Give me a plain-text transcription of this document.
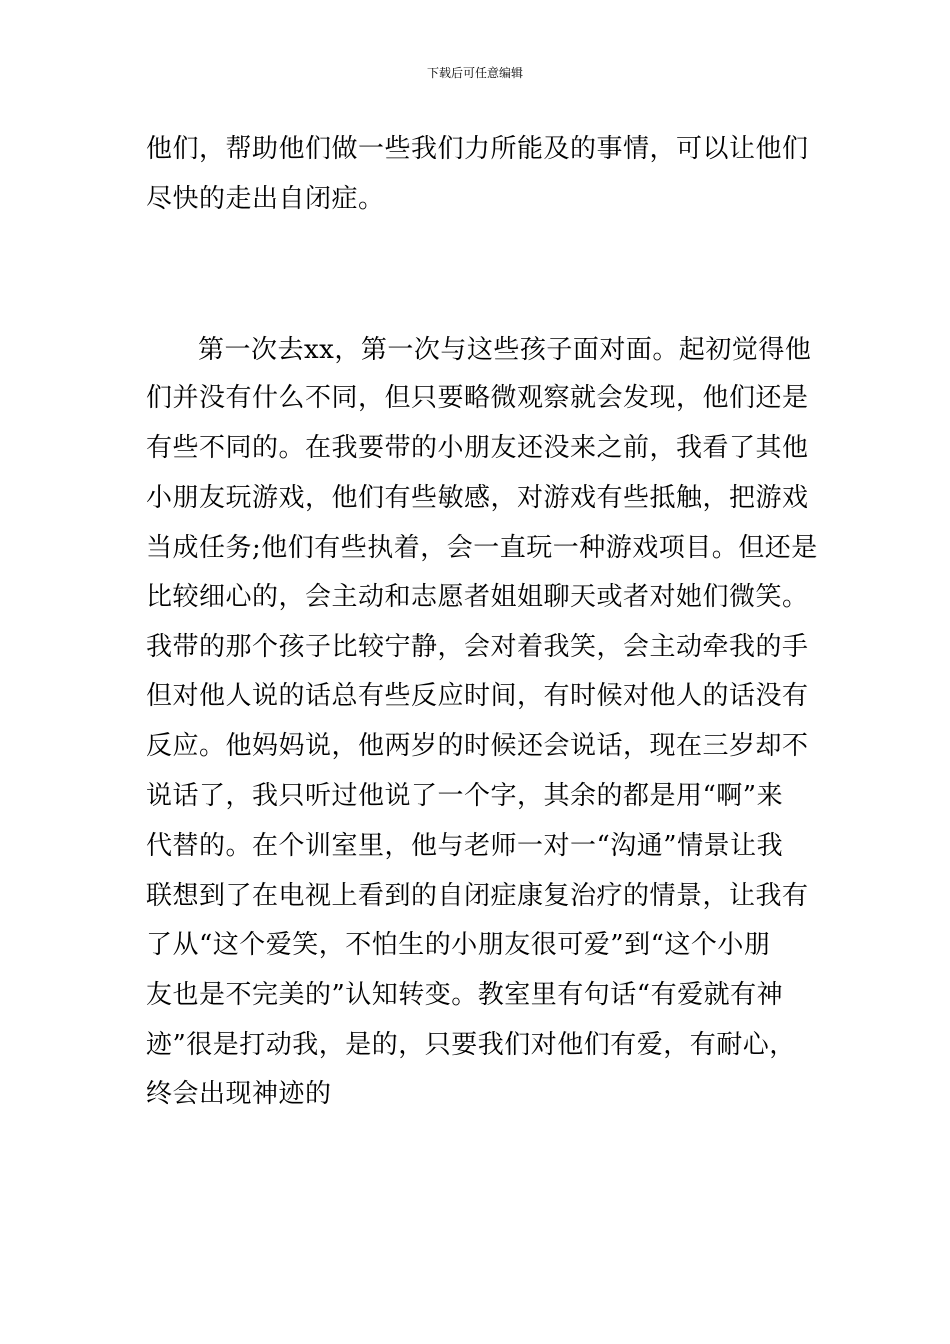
下载后可任意编辑
他们，帮助他们做一些我们力所能及的事情，可以让他们
尽快的走出自闭症。
第一次去xx，第一次与这些孩子面对面。起初觉得他
们并没有什么不同，但只要略微观察就会发现，他们还是
有些不同的。在我要带的小朋友还没来之前，我看了其他
小朋友玩游戏，他们有些敏感，对游戏有些抵触，把游戏
当成任务;他们有些执着，会一直玩一种游戏项目。但还是
比较细心的，会主动和志愿者姐姐聊天或者对她们微笑。
我带的那个孩子比较宁静，会对着我笑，会主动牵我的手
但对他人说的话总有些反应时间，有时候对他人的话没有
反应。他妈妈说，他两岁的时候还会说话，现在三岁却不
说话了，我只听过他说了一个字，其余的都是用“啊”来
代替的。在个训室里，他与老师一对一“沟通”情景让我
联想到了在电视上看到的自闭症康复治疗的情景，让我有
了从“这个爱笑，不怕生的小朋友很可爱”到“这个小朋
友也是不完美的”认知转变。教室里有句话“有爱就有神
迹”很是打动我，是的，只要我们对他们有爱，有耐心，
终会出现神迹的
